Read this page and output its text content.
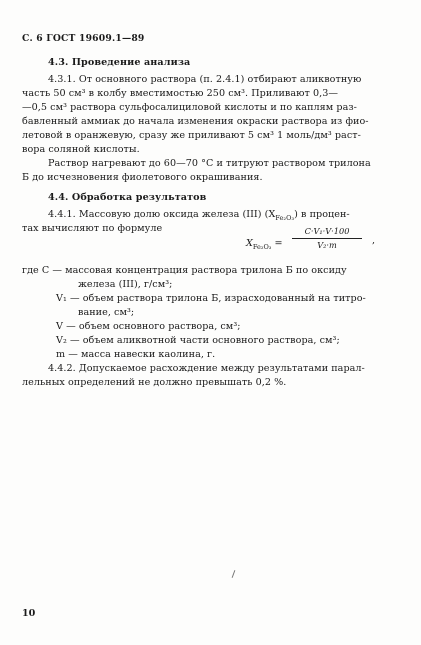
С. 6 ГОСТ 19609.1—89
4.3. Проведение анализа
4.3.1. От основного раствора (п. 2.4.1) отбирают аликвотную
часть 50 см³ в колбу вместимостью 250 см³. Приливают 0,3—
—0,5 см³ раствора сульфосалициловой кислоты и по каплям раз-
бавленный аммиак до начала изменения окраски раствора из фио-
летовой в оранжевую, сразу же приливают 5 см³ 1 моль/дм³ раст-
вора соляной кислоты.
Раствор нагревают до 60—70 °С и титруют раствором трилона
Б до исчезновения фиолетового окрашивания.
4.4. Обработка результатов
4.4.1. Массовую долю оксида железа (III) $(X_{Fe_2O_3})$ в процен-
тах вычисляют по формуле
$X_{Fe_2O_3}$ =
C·V₁·V·100
V₂·m	,
где С — массовая концентрация раствора трилона Б по оксиду
железа (III), г/см³;
V₁ — объем раствора трилона Б, израсходованный на титро-
вание, см³;
V — объем основного раствора, см³;
V₂ — объем аликвотной части основного раствора, см³;
m — масса навески каолина, г.
4.4.2. Допускаемое расхождение между результатами парал-
лельных определений не должно превышать 0,2 %.
10
